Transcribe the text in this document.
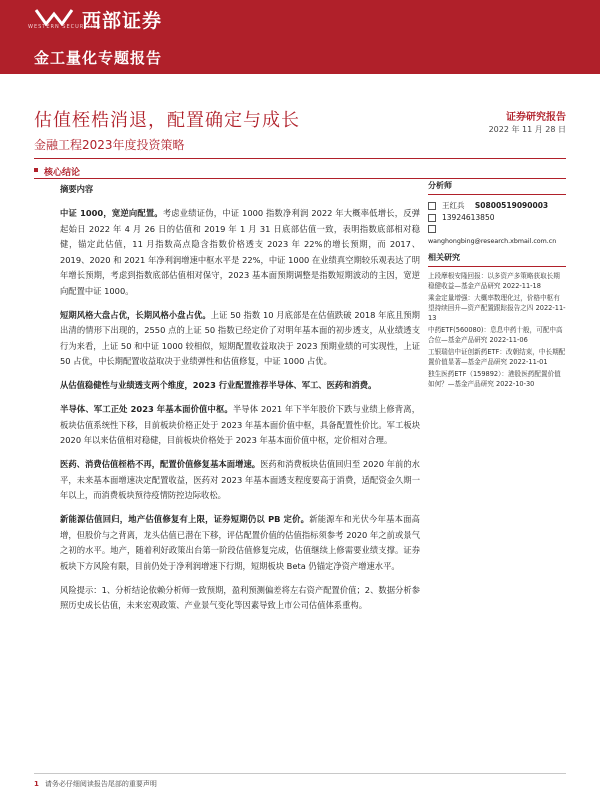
WESTERN SECURITIES
西部证券
金工量化专题报告
估值桎梏消退，配置确定与成长
金融工程2023年度投资策略
证券研究报告
2022 年 11 月 28 日
核心结论

摘要内容

中证 1000，宽逆向配置。考虑业绩证伪，中证 1000 指数净利润 2022 年大概率低增长，反弹起始日 2022 年 4 月 26 日的估值和 2019 年 1 月 31 日底部估值一致，表明指数底部相对稳健，锚定此估值，11 月指数高点隐含指数价格透支 2023 年 22%的增长预期，而 2017、2019、2020 和 2021 年净利润增速中枢水平是 22%，中证 1000 在业绩真空期较乐观表达了明年增长预期，考虑到指数底部估值相对保守，2023 基本面预期调整是指数短期波动的主因，宽逆向配置中证 1000。

短期风格大盘占优，长期风格小盘占优。上证 50 指数 10 月底部是在估值跌破 2018 年底且预期出清的情形下出现的，2550 点的上证 50 指数已经定价了对明年基本面的初步透支，从业绩透支行为来看，上证 50 和中证 1000 较相似，短期配置收益取决于 2023 预期业绩的可实现性，上证 50 占优，中长期配置收益取决于业绩弹性和估值修复，中证 1000 占优。

从估值稳健性与业绩透支两个维度，2023 行业配置推荐半导体、军工、医药和消费。

半导体、军工正处 2023 年基本面价值中枢。半导体 2021 年下半年股价下跌与业绩上修背离，板块估值系统性下移，目前板块价格正处于 2023 年基本面价值中枢，具备配置性价比。军工板块 2020 年以来估值相对稳健，目前板块价格处于 2023 年基本面价值中枢，定价相对合理。

医药、消费估值桎梏不再，配置价值修复基本面增速。医药和消费板块估值回归至 2020 年前的水平，未来基本面增速决定配置收益，医药对 2023 年基本面透支程度要高于消费，适配资金久期一年以上，而消费板块预待疫情防控边际收松。

新能源估值回归，地产估值修复有上限，证券短期仍以 PB 定价。新能源车和光伏今年基本面高增，但股价与之背离，龙头估值已潜在下移，评估配置价值的估值指标须参考 2020 年之前或景气之初的水平。地产，随着利好政策出台第一阶段估值修复完成，估值继续上修需要业绩支撑。证券板块下方风险有限，目前仍处于净利润增速下行期，短期板块 Beta 仍锚定净资产增速水平。

风险提示：1、分析结论依赖分析师一致预期，盈利预测偏差将左右资产配置价值；2、数据分析参照历史成长估值，未来宏观政策、产业景气变化等因素导致上市公司估值体系重构。

分析师
王红兵 S0800519090003
13924613850
wanghongbing@research.xbmail.com.cn
相关研究
上段摩根安隆回报：以多资产多策略获取长期稳健收益—基金产品研究 2022-11-18
乘金定量增强：大概率数理化过，价格中枢有望持续回升—资产配置跟踪报告之四 2022-11-13
中药ETF(560080)：息息中药十般，可配中高合位—基金产品研究 2022-11-06
工银瑞信中证创新药ETF：改朝结束，中长期配置价值显著—基金产品研究 2022-11-01
独生医药ETF（159892）：港股医药配置价值如何？—基金产品研究 2022-10-30
1 请务必仔细阅读报告尾部的重要声明
